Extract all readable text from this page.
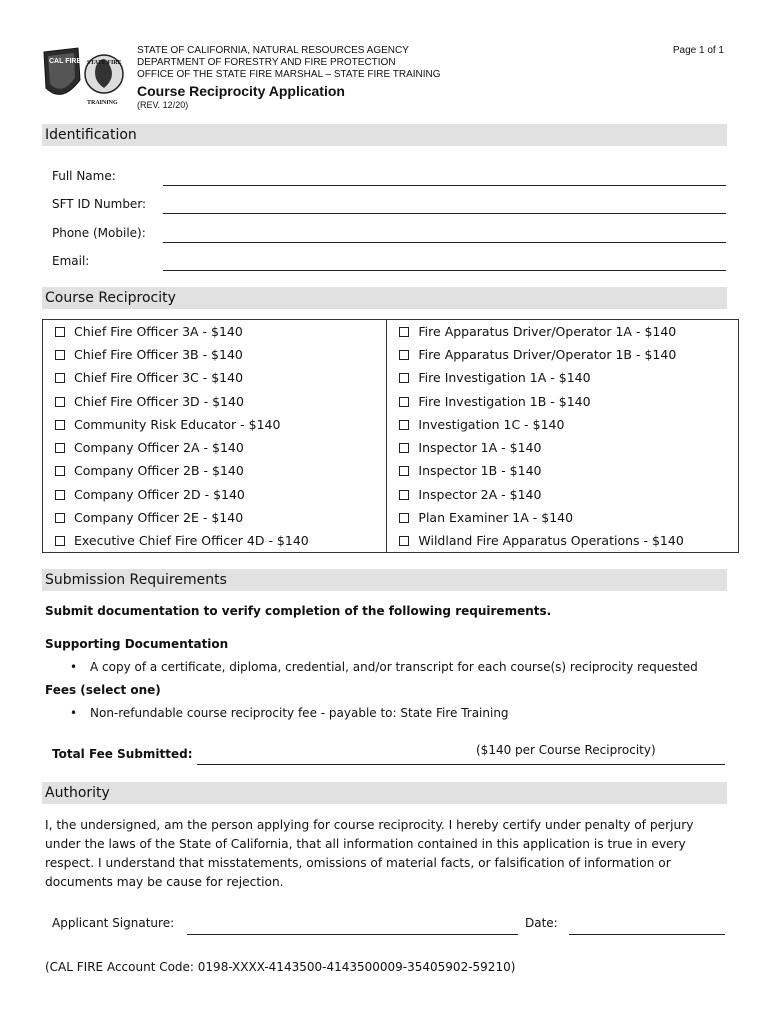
CAL FIRE STATE FIRE
TRAINING
STATE OF CALIFORNIA, NATURAL RESOURCES AGENCY
DEPARTMENT OF FORESTRY AND FIRE PROTECTION
OFFICE OF THE STATE FIRE MARSHAL – STATE FIRE TRAINING
Course Reciprocity Application
(REV. 12/20)
Page 1 of 1
Identification
Full Name:
SFT ID Number:
Phone (Mobile):
Email:
Course Reciprocity
Chief Fire Officer 3A - $140	Fire Apparatus Driver/Operator 1A - $140
Chief Fire Officer 3B - $140	Fire Apparatus Driver/Operator 1B - $140
Chief Fire Officer 3C - $140	Fire Investigation 1A - $140
Chief Fire Officer 3D - $140	Fire Investigation 1B - $140
Community Risk Educator - $140	Investigation 1C - $140
Company Officer 2A - $140	Inspector 1A - $140
Company Officer 2B - $140	Inspector 1B - $140
Company Officer 2D - $140	Inspector 2A - $140
Company Officer 2E - $140	Plan Examiner 1A - $140
Executive Chief Fire Officer 4D - $140	Wildland Fire Apparatus Operations - $140
Submission Requirements
Submit documentation to verify completion of the following requirements.
Supporting Documentation
• A copy of a certificate, diploma, credential, and/or transcript for each course(s) reciprocity requested
Fees (select one)
• Non-refundable course reciprocity fee - payable to: State Fire Training
Total Fee Submitted:	($140 per Course Reciprocity)
Authority
I, the undersigned, am the person applying for course reciprocity. I hereby certify under penalty of perjury under the laws of the State of California, that all information contained in this application is true in every respect. I understand that misstatements, omissions of material facts, or falsification of information or documents may be cause for rejection.
Applicant Signature:	Date:
(CAL FIRE Account Code: 0198-XXXX-4143500-4143500009-35405902-59210)
